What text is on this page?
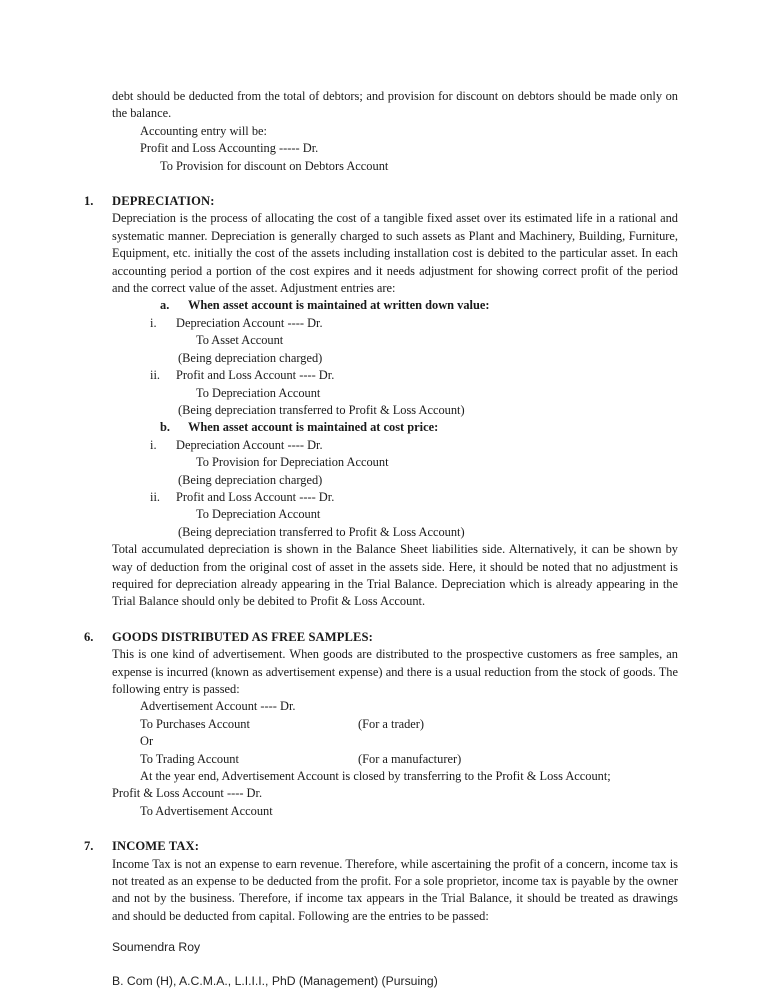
debt should be deducted from the total of debtors; and provision for discount on debtors should be made only on the balance.

Accounting entry will be:
Profit and Loss Accounting ----- Dr.
To Provision for discount on Debtors Account
1.	DEPRECIATION:

Depreciation is the process of allocating the cost of a tangible fixed asset over its estimated life in a rational and systematic manner. Depreciation is generally charged to such assets as Plant and Machinery, Building, Furniture, Equipment, etc. initially the cost of the assets including installation cost is debited to the particular asset. In each accounting period a portion of the cost expires and it needs adjustment for showing correct profit of the period and the correct value of the asset. Adjustment entries are:

a.	When asset account is maintained at written down value:
i.	Depreciation Account ---- Dr.
To Asset Account
(Being depreciation charged)
ii.	Profit and Loss Account ---- Dr.
To Depreciation Account
(Being depreciation transferred to Profit & Loss Account)
b.	When asset account is maintained at cost price:
i.	Depreciation Account ---- Dr.
To Provision for Depreciation Account
(Being depreciation charged)
ii.	Profit and Loss Account ---- Dr.
To Depreciation Account
(Being depreciation transferred to Profit & Loss Account)

Total accumulated depreciation is shown in the Balance Sheet liabilities side. Alternatively, it can be shown by way of deduction from the original cost of asset in the assets side. Here, it should be noted that no adjustment is required for depreciation already appearing in the Trial Balance. Depreciation which is already appearing in the Trial Balance should only be debited to Profit & Loss Account.

6.	GOODS DISTRIBUTED AS FREE SAMPLES:

This is one kind of advertisement. When goods are distributed to the prospective customers as free samples, an expense is incurred (known as advertisement expense) and there is a usual reduction from the stock of goods. The following entry is passed:

Advertisement Account ---- Dr.
To Purchases Account	(For a trader)
Or
To Trading Account	(For a manufacturer)
At the year end, Advertisement Account is closed by transferring to the Profit & Loss Account;
Profit & Loss Account ---- Dr.
To Advertisement Account
7.	INCOME TAX:

Income Tax is not an expense to earn revenue. Therefore, while ascertaining the profit of a concern, income tax is not treated as an expense to be deducted from the profit. For a sole proprietor, income tax is payable by the owner and not by the business. Therefore, if income tax appears in the Trial Balance, it should be treated as drawings and should be deducted from capital. Following are the entries to be passed:

Soumendra Roy

B. Com (H), A.C.M.A., L.I.I.I., PhD (Management) (Pursuing)
